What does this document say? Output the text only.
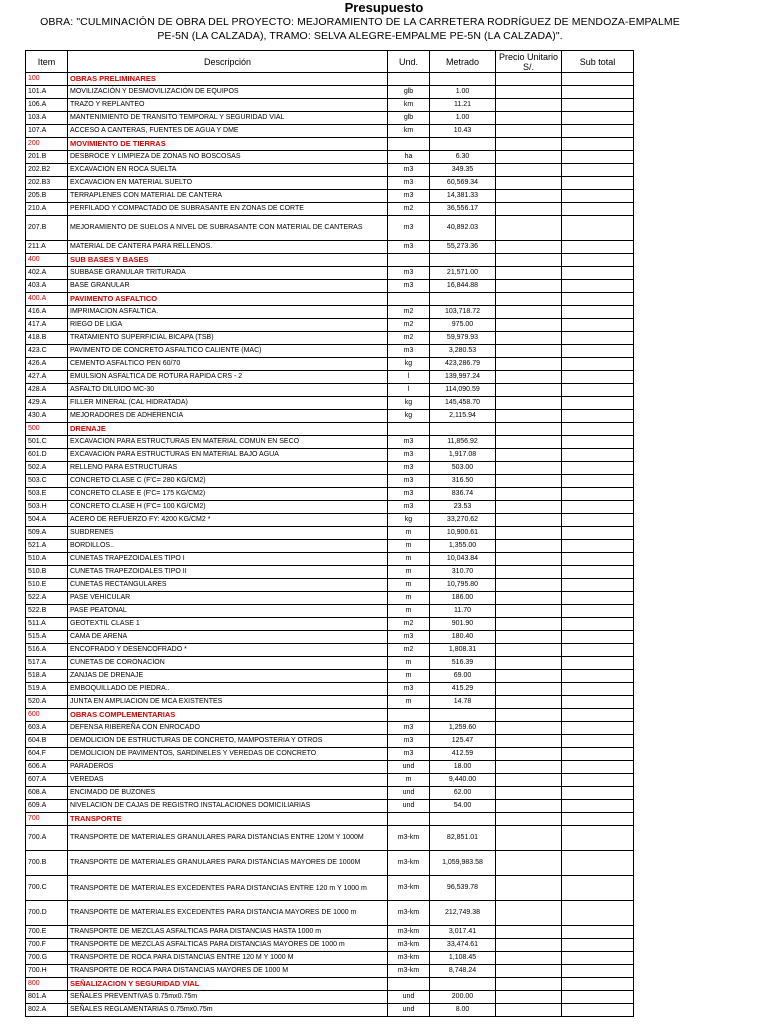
Presupuesto
OBRA: "CULMINACIÓN DE OBRA DEL PROYECTO: MEJORAMIENTO DE LA CARRETERA RODRÍGUEZ DE MENDOZA-EMPALME PE-5N (LA CALZADA), TRAMO: SELVA ALEGRE-EMPALME PE-5N (LA CALZADA)".
Item	Descripción	Und.	Metrado	Precio Unitario S/.	Sub total
100	OBRAS PRELIMINARES				
101.A	MOVILIZACIÓN Y DESMOVILIZACIÓN DE EQUIPOS	glb	1.00		
106.A	TRAZO Y REPLANTEO	km	11.21		
103.A	MANTENIMIENTO DE TRANSITO TEMPORAL Y SEGURIDAD VIAL	glb	1.00		
107.A	ACCESO A CANTERAS, FUENTES DE AGUA Y DME	km	10.43		
200	MOVIMIENTO DE TIERRAS				
201.B	DESBROCE Y LIMPIEZA DE ZONAS NO BOSCOSAS	ha	6.30		
202.B2	EXCAVACION EN ROCA SUELTA	m3	349.35		
202.B3	EXCAVACION EN MATERIAL SUELTO	m3	60,569.34		
205.B	TERRAPLENES CON MATERIAL DE CANTERA	m3	14,381.33		
210.A	PERFILADO Y COMPACTADO DE SUBRASANTE EN ZONAS DE CORTE	m2	36,556.17		
207.B	MEJORAMIENTO DE SUELOS A NIVEL DE SUBRASANTE CON MATERIAL DE CANTERAS	m3	40,892.03		
211.A	MATERIAL DE CANTERA PARA RELLENOS.	m3	55,273.36		
400	SUB BASES Y BASES				
402.A	SUBBASE GRANULAR TRITURADA	m3	21,571.00		
403.A	BASE GRANULAR	m3	16,844.88		
400.A	PAVIMENTO ASFALTICO				
416.A	IMPRIMACION ASFALTICA.	m2	103,718.72		
417.A	RIEGO DE LIGA	m2	975.00		
418.B	TRATAMIENTO SUPERFICIAL BICAPA (TSB)	m2	59,979.93		
423.C	PAVIMENTO DE CONCRETO ASFALTICO CALIENTE (MAC)	m3	3,280.53		
426.A	CEMENTO ASFALTICO PEN 60/70	kg	423,286.79		
427.A	EMULSION ASFALTICA DE ROTURA RAPIDA CRS - 2	l	139,997.24		
428.A	ASFALTO DILUIDO MC-30	l	114,090.59		
429.A	FILLER MINERAL (CAL HIDRATADA)	kg	145,458.70		
430.A	MEJORADORES DE ADHERENCIA	kg	2,115.94		
500	DRENAJE				
501.C	EXCAVACION PARA ESTRUCTURAS EN MATERIAL COMUN EN SECO	m3	11,856.92		
601.D	EXCAVACION PARA ESTRUCTURAS EN MATERIAL BAJO AGUA	m3	1,917.08		
502.A	RELLENO PARA ESTRUCTURAS	m3	503.00		
503.C	CONCRETO CLASE C (F'C= 280 KG/CM2)	m3	316.50		
503.E	CONCRETO CLASE E (F'C= 175 KG/CM2)	m3	836.74		
503.H	CONCRETO CLASE H (F'C= 100 KG/CM2)	m3	23.53		
504.A	ACERO DE REFUERZO FY: 4200 KG/CM2 *	kg	33,270.62		
509.A	SUBDRENES	m	10,900.61		
521.A	BORDILLOS..	m	1,355.00		
510.A	CUNETAS TRAPEZOIDALES TIPO I	m	10,043.84		
510.B	CUNETAS TRAPEZOIDALES TIPO II	m	310.70		
510.E	CUNETAS RECTANGULARES	m	10,795.80		
522.A	PASE VEHICULAR	m	186.00		
522.B	PASE PEATONAL	m	11.70		
511.A	GEOTEXTIL CLASE 1	m2	901.90		
515.A	CAMA DE ARENA	m3	180.40		
516.A	ENCOFRADO Y DESENCOFRADO *	m2	1,808.31		
517.A	CUNETAS DE CORONACION	m	516.39		
518.A	ZANJAS DE DRENAJE	m	69.00		
519.A	EMBOQUILLADO DE PIEDRA..	m3	415.29		
520.A	JUNTA EN AMPLIACION DE MCA EXISTENTES	m	14.78		
600	OBRAS COMPLEMENTARIAS				
603.A	DEFENSA RIBEREÑA CON ENROCADO	m3	1,259.60		
604.B	DEMOLICION DE ESTRUCTURAS DE CONCRETO, MAMPOSTERIA Y OTROS	m3	125.47		
604.F	DEMOLICION DE PAVIMENTOS, SARDINELES Y VEREDAS DE CONCRETO	m3	412.59		
606.A	PARADEROS	und	18.00		
607.A	VEREDAS	m	9,440.00		
608.A	ENCIMADO DE BUZONES	und	62.00		
609.A	NIVELACION DE CAJAS DE REGISTRO INSTALACIONES DOMICILIARIAS	und	54.00		
700	TRANSPORTE				
700.A	TRANSPORTE DE MATERIALES GRANULARES PARA DISTANCIAS ENTRE 120M Y 1000M	m3-km	82,851.01		
700.B	TRANSPORTE DE MATERIALES GRANULARES PARA DISTANCIAS MAYORES DE 1000M	m3-km	1,059,983.58		
700.C	TRANSPORTE DE MATERIALES EXCEDENTES PARA DISTANCIAS ENTRE 120 m Y 1000 m	m3-km	96,539.78		
700.D	TRANSPORTE DE MATERIALES EXCEDENTES PARA DISTANCIA MAYORES DE 1000 m	m3-km	212,749.38		
700.E	TRANSPORTE DE MEZCLAS ASFALTICAS PARA DISTANCIAS HASTA 1000 m	m3-km	3,017.41		
700.F	TRANSPORTE DE MEZCLAS ASFALTICAS PARA DISTANCIAS MAYORES DE 1000 m	m3-km	33,474.61		
700.G	TRANSPORTE DE ROCA PARA DISTANCIAS ENTRE 120 M Y 1000 M	m3-km	1,108.45		
700.H	TRANSPORTE DE ROCA PARA DISTANCIAS MAYORES DE 1000 M	m3-km	8,748.24		
800	SEÑALIZACION Y SEGURIDAD VIAL				
801.A	SEÑALES PREVENTIVAS 0.75mx0.75m	und	200.00		
802.A	SEÑALES REGLAMENTARIAS 0.75mx0.75m	und	8.00		
